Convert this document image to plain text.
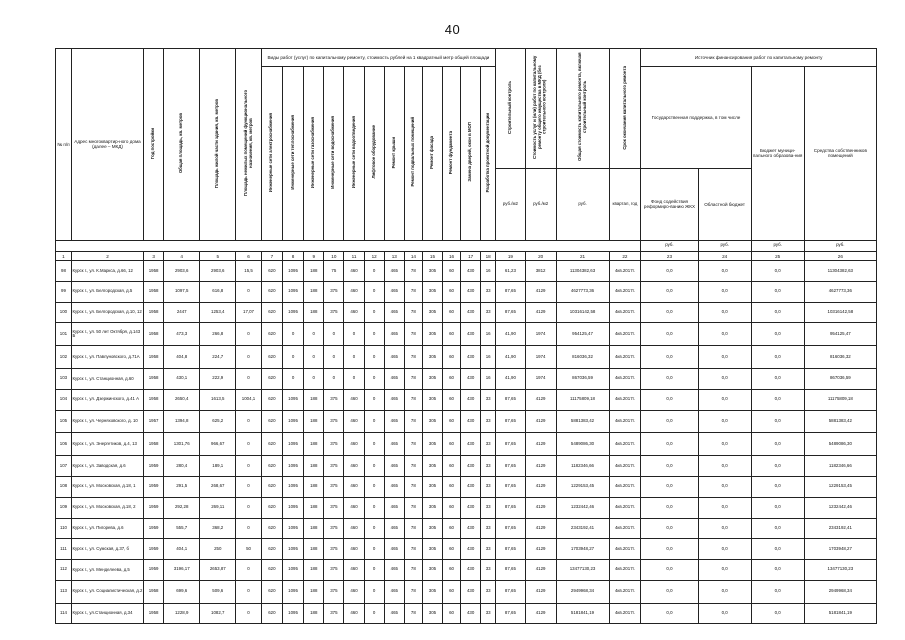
40
№ п/п	Адрес многоквартир-ного дома (далее – МКД)	Год постройки	Общая площадь, кв. метров	Площадь жилой части здания, кв. метров	Площадь нежилых помещений функционального назначения, кв. метров	Виды работ (услуг) по капитальному ремонту, стоимость рублей на 1 квадратный метр общей площади												Строительный контроль	Стоимость услуг и (или) работ по капитальному ремонту общего имущества в МКД (без строительного контроля)	Общая стоимость капитального ремонта, включая строительный контроль	Срок окончания капитального ремонта	Источник финансирования работ по капитальному ремонту			
						Инженерные сети электроснабжения	Инженерные сети теплоснабжения	Инженерные сети газоснабжения	Инженерные сети водоснабжения	Инженерные сети водоотведения	Лифтовое оборудование	Ремонт крыши	Ремонт подвальных помещений	Ремонт фасада	Ремонт фундамента	Замена дверей, окон в МОП	Разработка проектной документации					Государственная поддержка, в том числе		Бюджет муници-пального образова-ния	Средства собственников помещений
																		руб./м2	руб./м2	руб.	квартал, год	Фонд содействия реформиро-ванию ЖКХ	Областной бюджет		
																						руб.	руб.	руб.	руб.
1	2	3	4	5	6	7	8	9	10	11	12	13	14	15	16	17	18	19	20	21	22	23	24	25	26
98	Курск г., ул. К.Маркса, д.66, 12	1958	2903,6	2903,6	15,5	620	1095	188	75	460	0	465	78	305	60	430	16	61,23	3812	11304382,63	4кв.2017г.	0,0	0,0	0,0	11304382,63
99	Курск г., ул. Белгородская, д.5	1958	1097,5	616,8	0	620	1095	188	375	460	0	465	78	305	60	430	33	87,65	4129	4627773,36	4кв.2017г.	0,0	0,0	0,0	4627773,36
100	Курск г., ул. Белгородская, д.10, 12	1958	2447	1253,4	17,07	620	1095	188	375	460	0	465	78	305	60	430	33	87,65	4129	10316142,58	4кв.2017г.	0,0	0,0	0,0	10316142,58
101	Курск г., ул. 50 лет Октября, д.143 Б	1958	473,3	266,8	0	620	0	0	0	0	0	465	78	305	60	430	16	41,90	1974	954125,47	4кв.2017г.	0,0	0,0	0,0	954125,47
102	Курск г., ул. Павлуновского, д.71А	1958	404,8	224,7	0	620	0	0	0	0	0	465	78	305	60	430	16	41,90	1974	816036,32	4кв.2017г.	0,0	0,0	0,0	816036,32
103	Курск г., ул. Станционная, д.60	1958	430,1	222,9	0	620	0	0	0	0	0	465	78	305	60	430	16	41,90	1974	867036,59	4кв.2017г.	0,0	0,0	0,0	867036,59
104	Курск г., ул. Дзержинского, д.41 А	1958	2650,4	1613,5	1004,1	620	1095	188	375	460	0	465	78	305	60	430	33	87,65	4129	11175809,18	4кв.2017г.	0,0	0,0	0,0	11175809,18
105	Курск г., ул. Черняховского, д. 10	1957	1394,8	625,2	0	620	1095	188	375	460	0	465	78	305	60	430	33	87,65	4129	5881383,42	4кв.2017г.	0,0	0,0	0,0	5881383,42
106	Курск г., ул. Энергетиков, д.4, 13	1958	1301,76	966,67	0	620	1095	188	375	460	0	465	78	305	60	430	33	87,65	4129	5489086,30	4кв.2017г.	0,0	0,0	0,0	5489086,30
107	Курск г., ул. Заводская, д.6	1959	280,4	189,1	0	620	1095	188	375	460	0	465	78	305	60	430	33	87,65	4129	1182346,66	4кв.2017г.	0,0	0,0	0,0	1182346,66
108	Курск г., ул. Московская, д.18, 1	1959	291,5	268,67	0	620	1095	188	375	460	0	465	78	305	60	430	33	87,65	4129	1229153,45	4кв.2017г.	0,0	0,0	0,0	1229153,45
109	Курск г., ул. Московская, д.18, 2	1959	292,28	269,11	0	620	1095	188	375	460	0	465	78	305	60	430	33	87,65	4129	1232442,46	4кв.2017г.	0,0	0,0	0,0	1232442,46
110	Курск г., ул. Пигорева, д.6	1959	555,7	368,2	0	620	1095	188	375	460	0	465	78	305	60	430	33	87,65	4129	2343192,41	4кв.2017г.	0,0	0,0	0,0	2343192,41
111	Курск г., ул. Сумская, д.37, б	1959	404,1	250	50	620	1095	188	375	460	0	465	78	305	60	430	33	87,65	4129	1703948,27	4кв.2017г.	0,0	0,0	0,0	1703948,27
112	Курск г., ул. Менделеева, д.5	1959	3196,17	2653,87	0	620	1095	188	375	460	0	465	78	305	60	430	33	87,65	4129	13477130,23	4кв.2017г.	0,0	0,0	0,0	13477130,23
113	Курск г., ул. Социалистическая, д.2	1958	699,6	509,6	0	620	1095	188	375	460	0	465	78	305	60	430	33	87,65	4129	2949968,34	4кв.2017г.	0,0	0,0	0,0	2949968,34
114	Курск г., ул.Станционная, д.34	1958	1228,9	1082,7	0	620	1095	188	375	460	0	465	78	305	60	430	33	87,65	4129	5181841,19	4кв.2017г.	0,0	0,0	0,0	5181841,19
